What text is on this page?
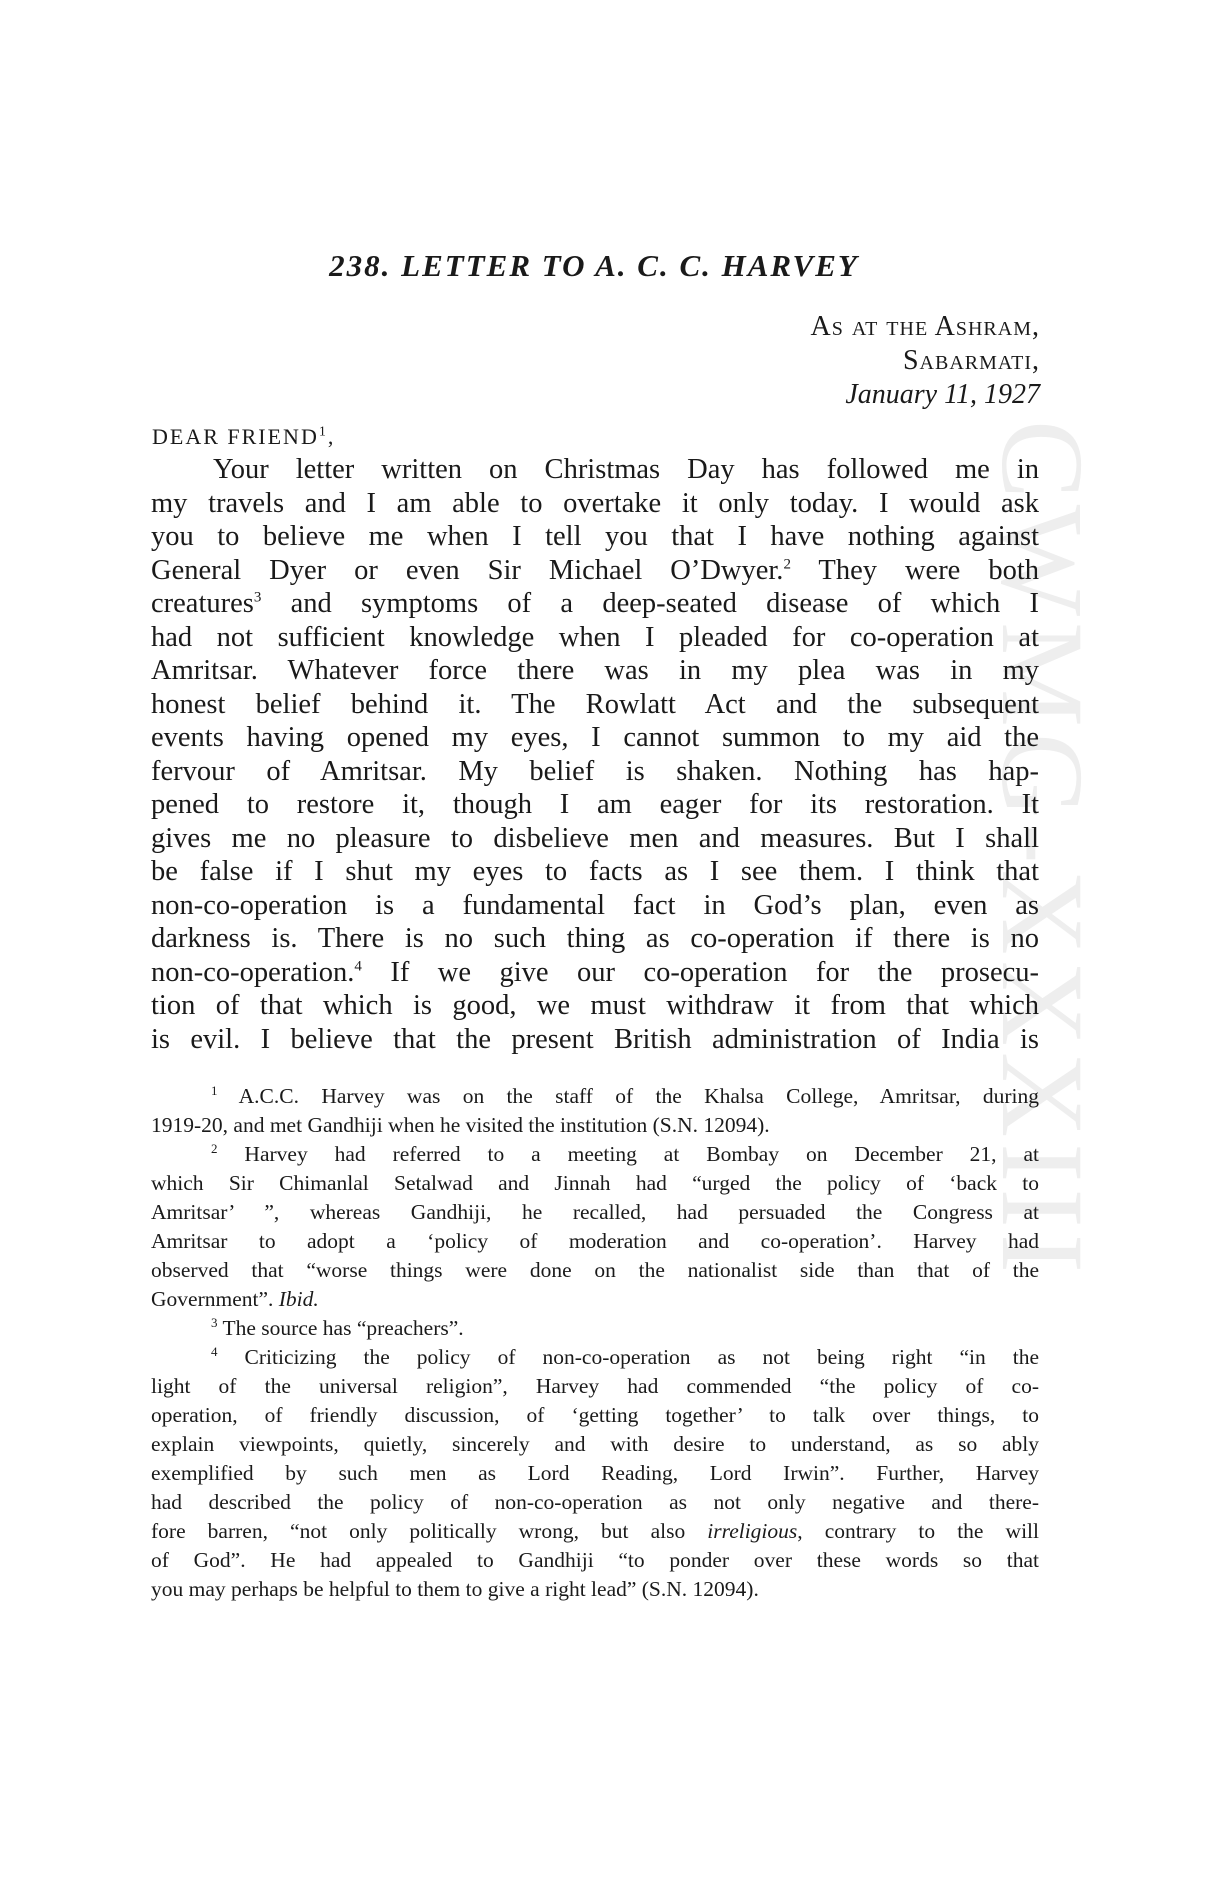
CWMG-XXXIII
238. LETTER TO A. C. C. HARVEY
As at the Ashram,
Sabarmati,
January 11, 1927
DEAR FRIEND$^1$,
Your letter written on Christmas Day has followed me in
my travels and I am able to overtake it only today. I would ask
you to believe me when I tell you that I have nothing against
General Dyer or even Sir Michael O’Dwyer.$^2$ They were both
creatures$^3$ and symptoms of a deep-seated disease of which I
had not sufficient knowledge when I pleaded for co-operation at
Amritsar. Whatever force there was in my plea was in my
honest belief behind it. The Rowlatt Act and the subsequent
events having opened my eyes, I cannot summon to my aid the
fervour of Amritsar. My belief is shaken. Nothing has hap-
pened to restore it, though I am eager for its restoration. It
gives me no pleasure to disbelieve men and measures. But I shall
be false if I shut my eyes to facts as I see them. I think that
non-co-operation is a fundamental fact in God’s plan, even as
darkness is. There is no such thing as co-operation if there is no
non-co-operation.$^4$ If we give our co-operation for the prosecu-
tion of that which is good, we must withdraw it from that which
is evil. I believe that the present British administration of India is
$^1$ A.C.C. Harvey was on the staff of the Khalsa College, Amritsar, during
1919-20, and met Gandhiji when he visited the institution (S.N. 12094).
$^2$ Harvey had referred to a meeting at Bombay on December 21, at
which Sir Chimanlal Setalwad and Jinnah had “urged the policy of ‘back to
Amritsar’ ”, whereas Gandhiji, he recalled, had persuaded the Congress at
Amritsar to adopt a ‘policy of moderation and co-operation’. Harvey had
observed that “worse things were done on the nationalist side than that of the
Government”. Ibid.
$^3$ The source has “preachers”.
$^4$ Criticizing the policy of non-co-operation as not being right “in the
light of the universal religion”, Harvey had commended “the policy of co-
operation, of friendly discussion, of ‘getting together’ to talk over things, to
explain viewpoints, quietly, sincerely and with desire to understand, as so ably
exemplified by such men as Lord Reading, Lord Irwin”. Further, Harvey
had described the policy of non-co-operation as not only negative and there-
fore barren, “not only politically wrong, but also irreligious, contrary to the will
of God”. He had appealed to Gandhiji “to ponder over these words so that
you may perhaps be helpful to them to give a right lead” (S.N. 12094).
